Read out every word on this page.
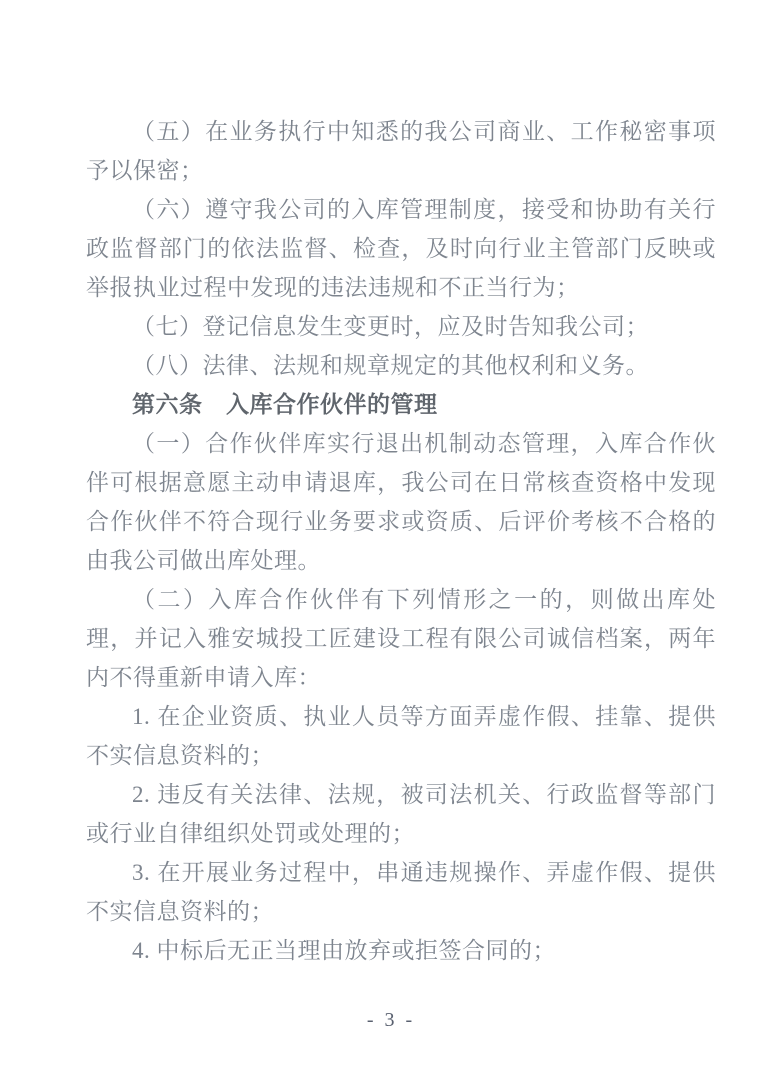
（五）在业务执行中知悉的我公司商业、工作秘密事项予以保密；

（六）遵守我公司的入库管理制度，接受和协助有关行政监督部门的依法监督、检查，及时向行业主管部门反映或举报执业过程中发现的违法违规和不正当行为；

（七）登记信息发生变更时，应及时告知我公司；

（八）法律、法规和规章规定的其他权利和义务。

第六条　入库合作伙伴的管理

（一）合作伙伴库实行退出机制动态管理，入库合作伙伴可根据意愿主动申请退库，我公司在日常核查资格中发现合作伙伴不符合现行业务要求或资质、后评价考核不合格的由我公司做出库处理。

（二）入库合作伙伴有下列情形之一的，则做出库处理，并记入雅安城投工匠建设工程有限公司诚信档案，两年内不得重新申请入库：

1. 在企业资质、执业人员等方面弄虚作假、挂靠、提供不实信息资料的；

2. 违反有关法律、法规，被司法机关、行政监督等部门或行业自律组织处罚或处理的；

3. 在开展业务过程中，串通违规操作、弄虚作假、提供不实信息资料的；

4. 中标后无正当理由放弃或拒签合同的；

- 3 -
